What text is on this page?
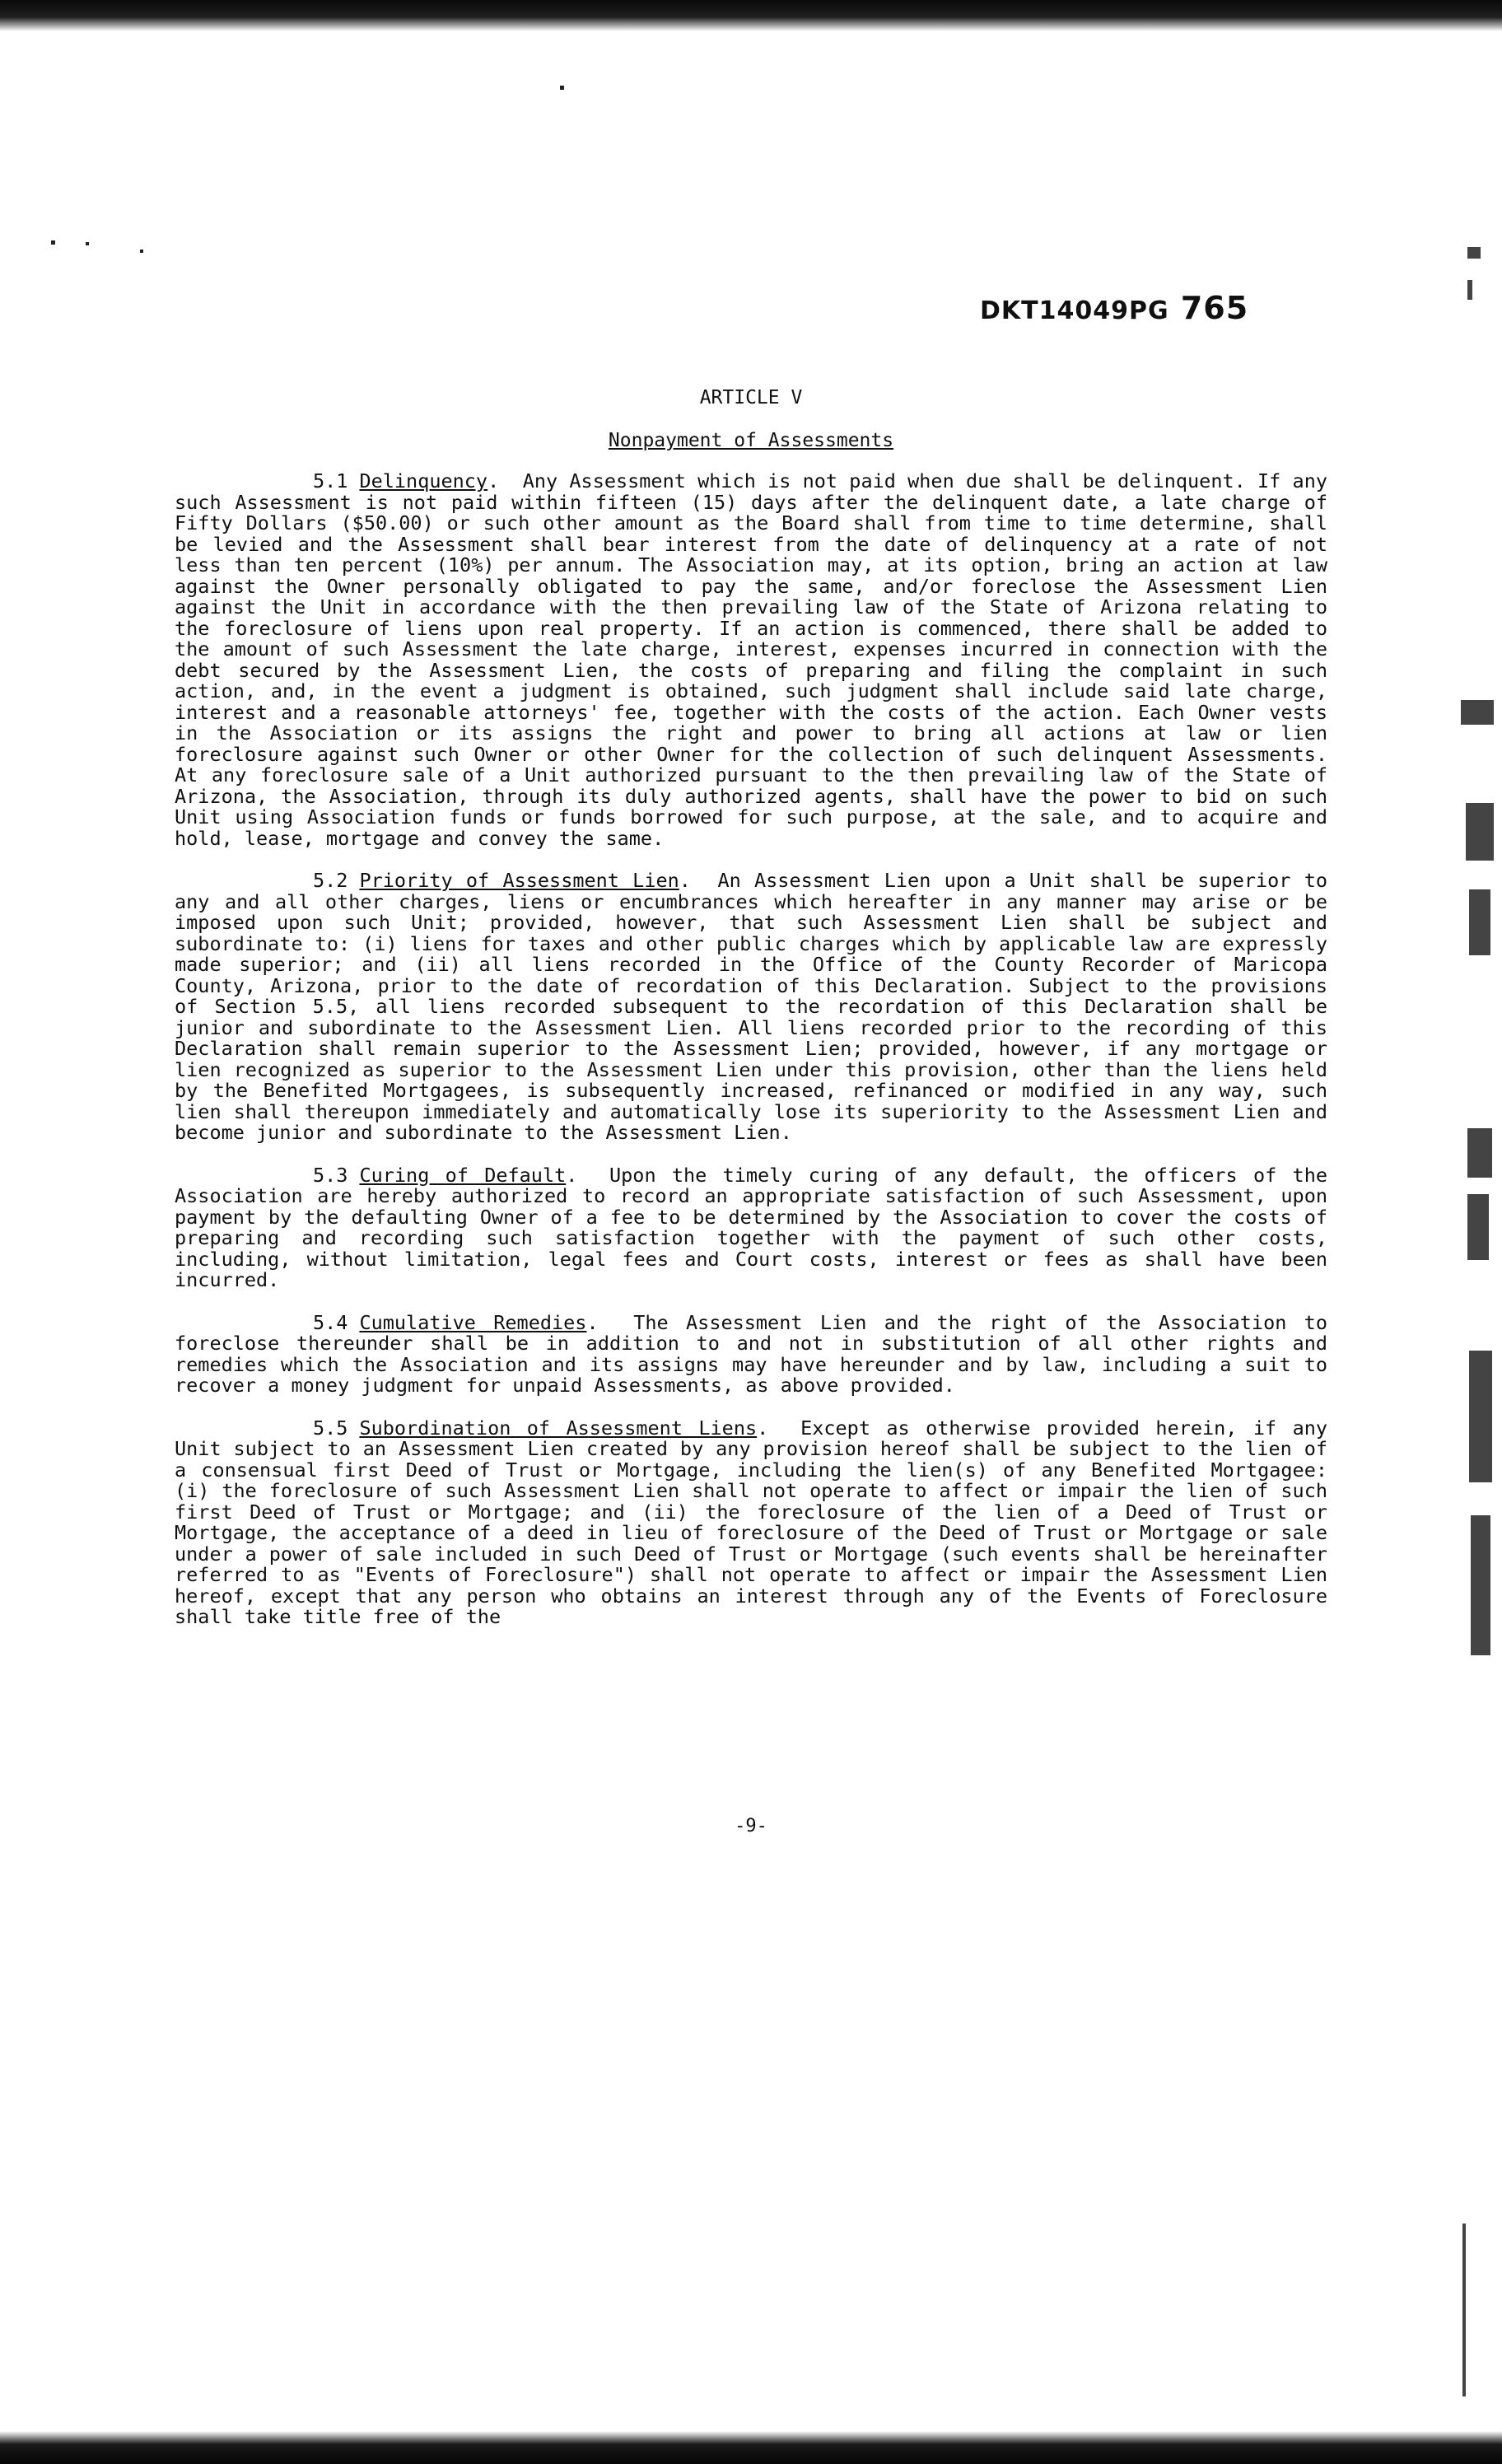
DKT14049PG 765
ARTICLE V
Nonpayment of Assessments

5.1 Delinquency.  Any Assessment which is not paid when due shall be delinquent. If any such Assessment is not paid within fifteen (15) days after the delinquent date, a late charge of Fifty Dollars ($50.00) or such other amount as the Board shall from time to time determine, shall be levied and the Assessment shall bear interest from the date of delinquency at a rate of not less than ten percent (10%) per annum. The Association may, at its option, bring an action at law against the Owner personally obligated to pay the same, and/or foreclose the Assessment Lien against the Unit in accordance with the then prevailing law of the State of Arizona relating to the foreclosure of liens upon real property. If an action is commenced, there shall be added to the amount of such Assessment the late charge, interest, expenses incurred in connection with the debt secured by the Assessment Lien, the costs of preparing and filing the complaint in such action, and, in the event a judgment is obtained, such judgment shall include said late charge, interest and a reasonable attorneys' fee, together with the costs of the action. Each Owner vests in the Association or its assigns the right and power to bring all actions at law or lien foreclosure against such Owner or other Owner for the collection of such delinquent Assessments. At any foreclosure sale of a Unit authorized pursuant to the then prevailing law of the State of Arizona, the Association, through its duly authorized agents, shall have the power to bid on such Unit using Association funds or funds borrowed for such purpose, at the sale, and to acquire and hold, lease, mortgage and convey the same.

5.2 Priority of Assessment Lien.  An Assessment Lien upon a Unit shall be superior to any and all other charges, liens or encumbrances which hereafter in any manner may arise or be imposed upon such Unit; provided, however, that such Assessment Lien shall be subject and subordinate to: (i) liens for taxes and other public charges which by applicable law are expressly made superior; and (ii) all liens recorded in the Office of the County Recorder of Maricopa County, Arizona, prior to the date of recordation of this Declaration. Subject to the provisions of Section 5.5, all liens recorded subsequent to the recordation of this Declaration shall be junior and subordinate to the Assessment Lien. All liens recorded prior to the recording of this Declaration shall remain superior to the Assessment Lien; provided, however, if any mortgage or lien recognized as superior to the Assessment Lien under this provision, other than the liens held by the Benefited Mortgagees, is subsequently increased, refinanced or modified in any way, such lien shall thereupon immediately and automatically lose its superiority to the Assessment Lien and become junior and subordinate to the Assessment Lien.

5.3 Curing of Default.  Upon the timely curing of any default, the officers of the Association are hereby authorized to record an appropriate satisfaction of such Assessment, upon payment by the defaulting Owner of a fee to be determined by the Association to cover the costs of preparing and recording such satisfaction together with the payment of such other costs, including, without limitation, legal fees and Court costs, interest or fees as shall have been incurred.

5.4 Cumulative Remedies.  The Assessment Lien and the right of the Association to foreclose thereunder shall be in addition to and not in substitution of all other rights and remedies which the Association and its assigns may have hereunder and by law, including a suit to recover a money judgment for unpaid Assessments, as above provided.

5.5 Subordination of Assessment Liens.  Except as otherwise provided herein, if any Unit subject to an Assessment Lien created by any provision hereof shall be subject to the lien of a consensual first Deed of Trust or Mortgage, including the lien(s) of any Benefited Mortgagee: (i) the foreclosure of such Assessment Lien shall not operate to affect or impair the lien of such first Deed of Trust or Mortgage; and (ii) the foreclosure of the lien of a Deed of Trust or Mortgage, the acceptance of a deed in lieu of foreclosure of the Deed of Trust or Mortgage or sale under a power of sale included in such Deed of Trust or Mortgage (such events shall be hereinafter referred to as "Events of Foreclosure") shall not operate to affect or impair the Assessment Lien hereof, except that any person who obtains an interest through any of the Events of Foreclosure shall take title free of the

-9-
